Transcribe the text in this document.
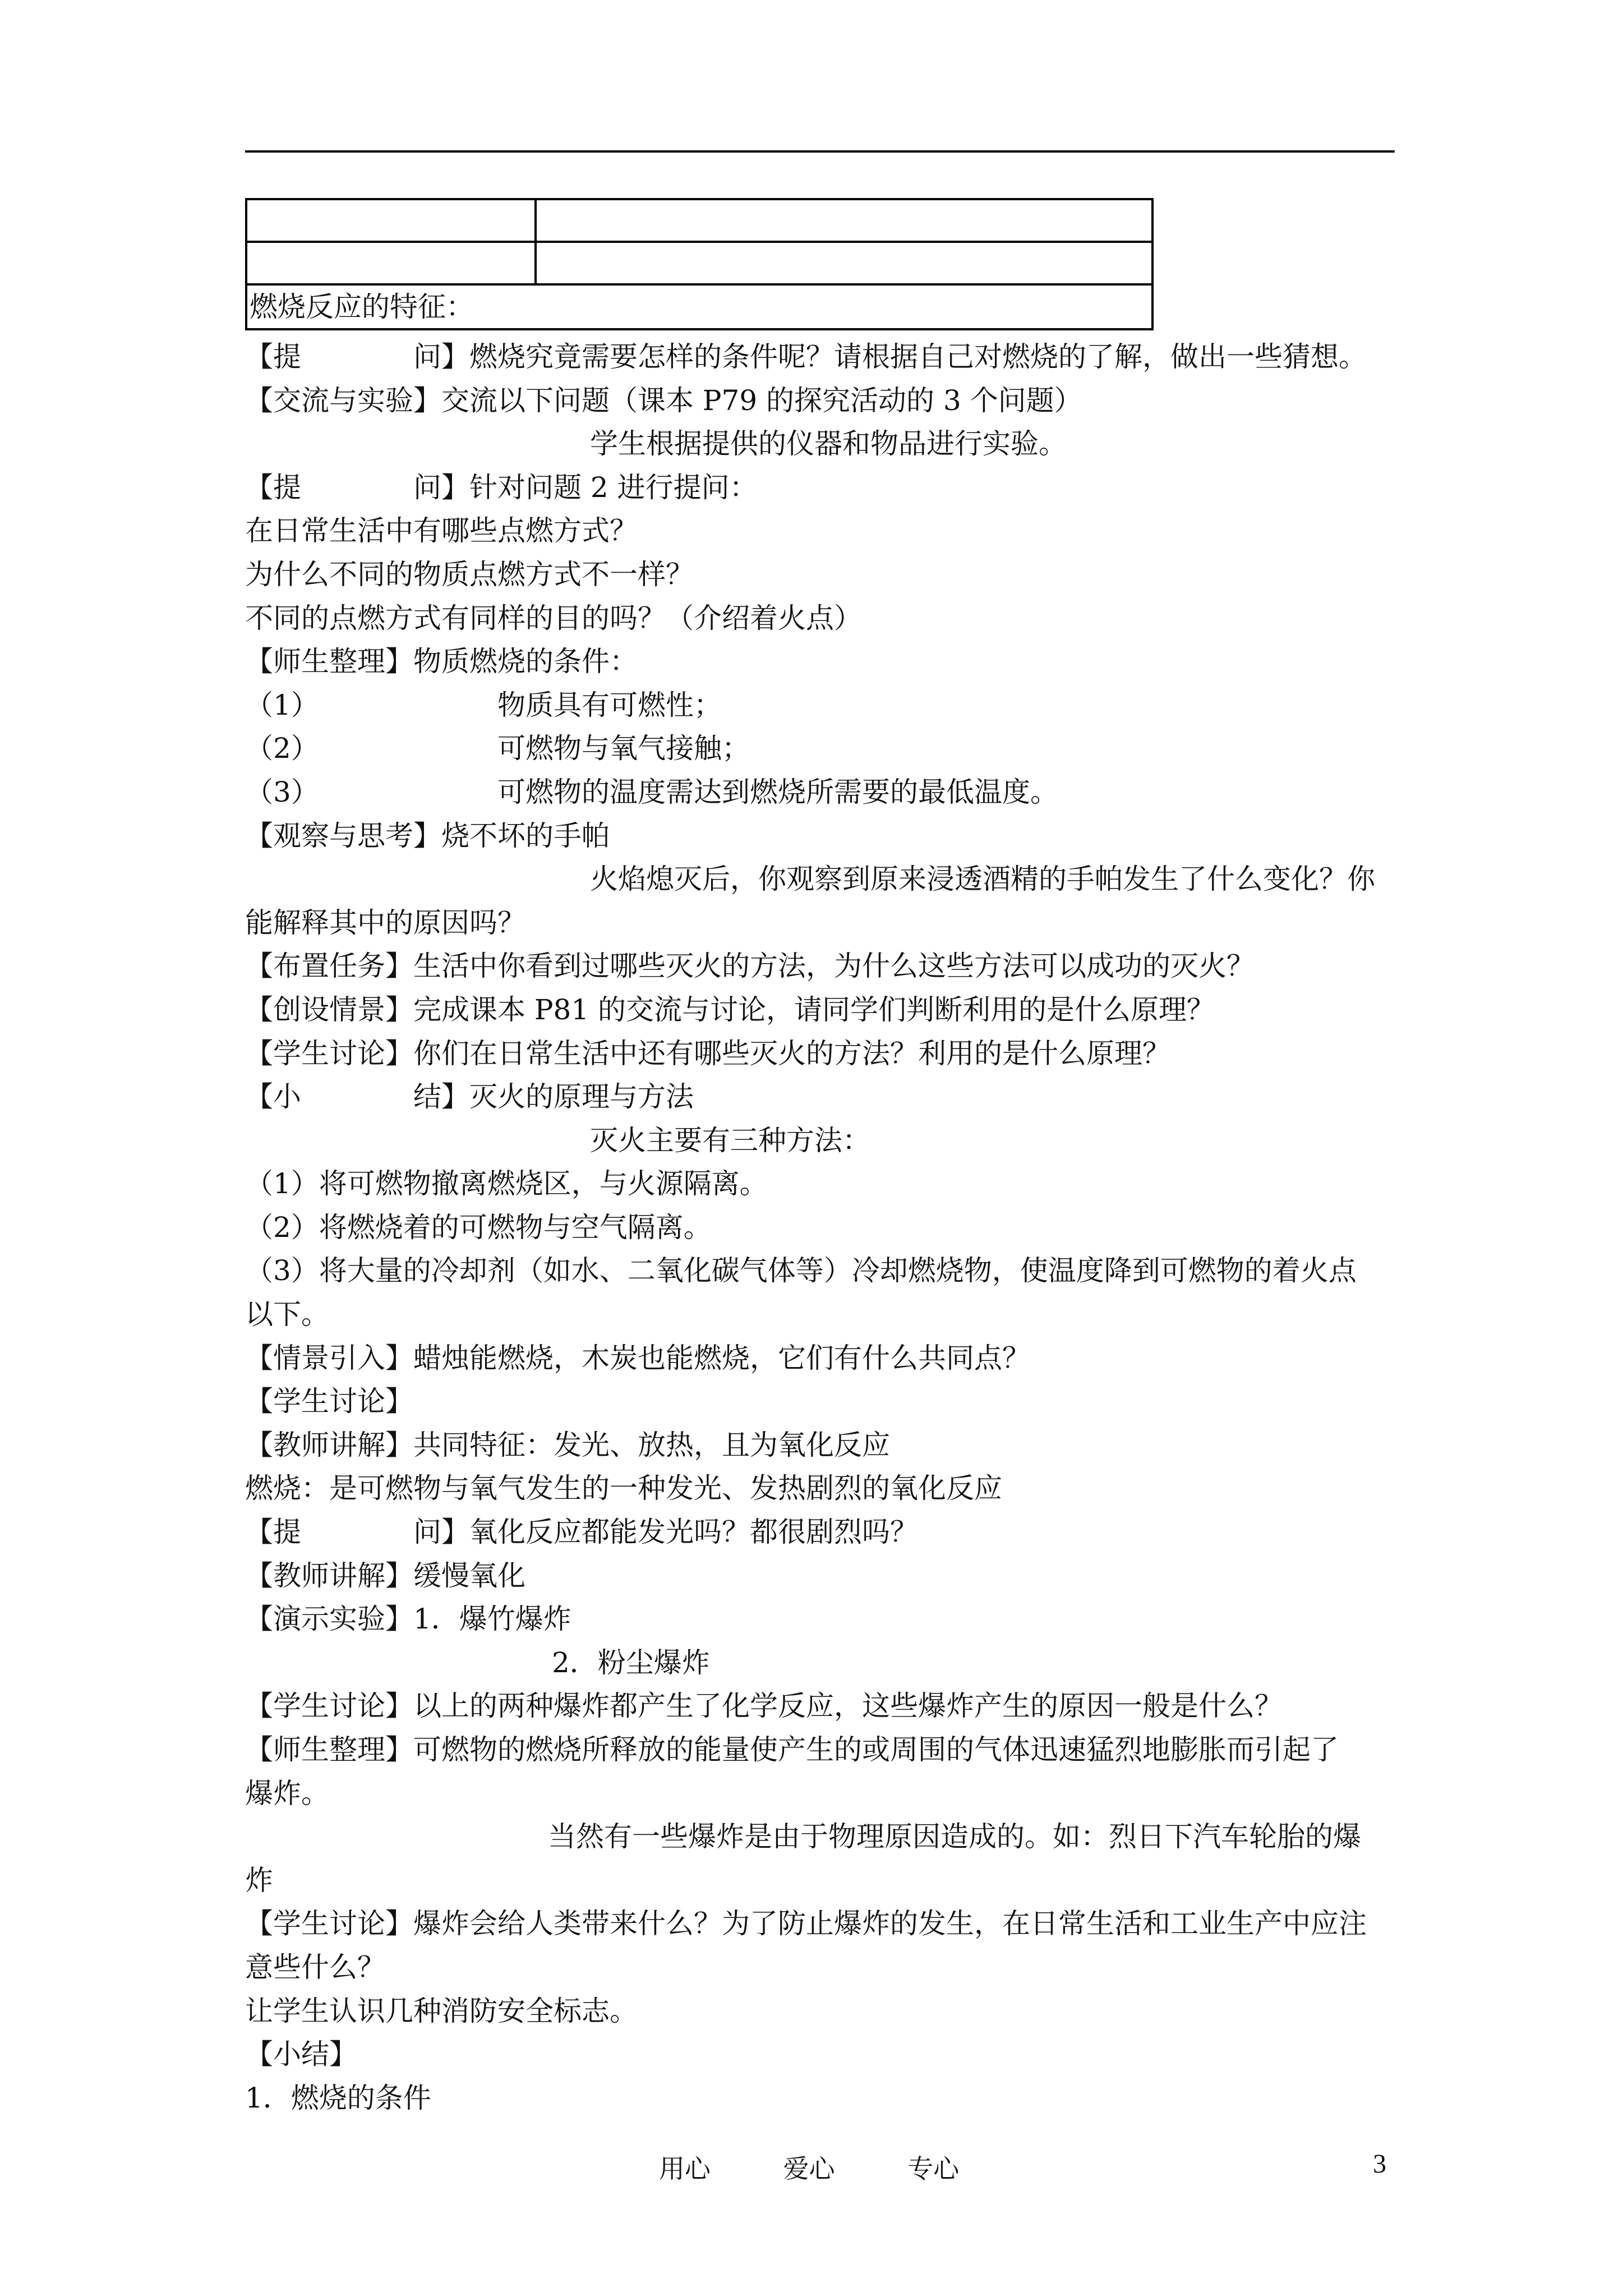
燃烧反应的特征：	
【提　　　　问】燃烧究竟需要怎样的条件呢？请根据自己对燃烧的了解，做出一些猜想。
【交流与实验】交流以下问题（课本 P79 的探究活动的 3 个问题）
学生根据提供的仪器和物品进行实验。
【提　　　　问】针对问题 2 进行提问：
在日常生活中有哪些点燃方式？
为什么不同的物质点燃方式不一样？
不同的点燃方式有同样的目的吗？（介绍着火点）
【师生整理】物质燃烧的条件：
（1）	物质具有可燃性；
（2）	可燃物与氧气接触；
（3）	可燃物的温度需达到燃烧所需要的最低温度。
【观察与思考】烧不坏的手帕
火焰熄灭后，你观察到原来浸透酒精的手帕发生了什么变化？你
能解释其中的原因吗？
【布置任务】生活中你看到过哪些灭火的方法，为什么这些方法可以成功的灭火？
【创设情景】完成课本 P81 的交流与讨论，请同学们判断利用的是什么原理？
【学生讨论】你们在日常生活中还有哪些灭火的方法？利用的是什么原理？
【小　　　　结】灭火的原理与方法
灭火主要有三种方法：
（1）将可燃物撤离燃烧区，与火源隔离。
（2）将燃烧着的可燃物与空气隔离。
（3）将大量的冷却剂（如水、二氧化碳气体等）冷却燃烧物，使温度降到可燃物的着火点
以下。
【情景引入】蜡烛能燃烧，木炭也能燃烧，它们有什么共同点？
【学生讨论】
【教师讲解】共同特征：发光、放热，且为氧化反应
燃烧：是可燃物与氧气发生的一种发光、发热剧烈的氧化反应
【提　　　　问】氧化反应都能发光吗？都很剧烈吗？
【教师讲解】缓慢氧化
【演示实验】1．爆竹爆炸
2．粉尘爆炸
【学生讨论】以上的两种爆炸都产生了化学反应，这些爆炸产生的原因一般是什么？
【师生整理】可燃物的燃烧所释放的能量使产生的或周围的气体迅速猛烈地膨胀而引起了
爆炸。
当然有一些爆炸是由于物理原因造成的。如：烈日下汽车轮胎的爆
炸
【学生讨论】爆炸会给人类带来什么？为了防止爆炸的发生，在日常生活和工业生产中应注
意些什么？
让学生认识几种消防安全标志。
【小结】
1．燃烧的条件
用心	爱心	专心	3
